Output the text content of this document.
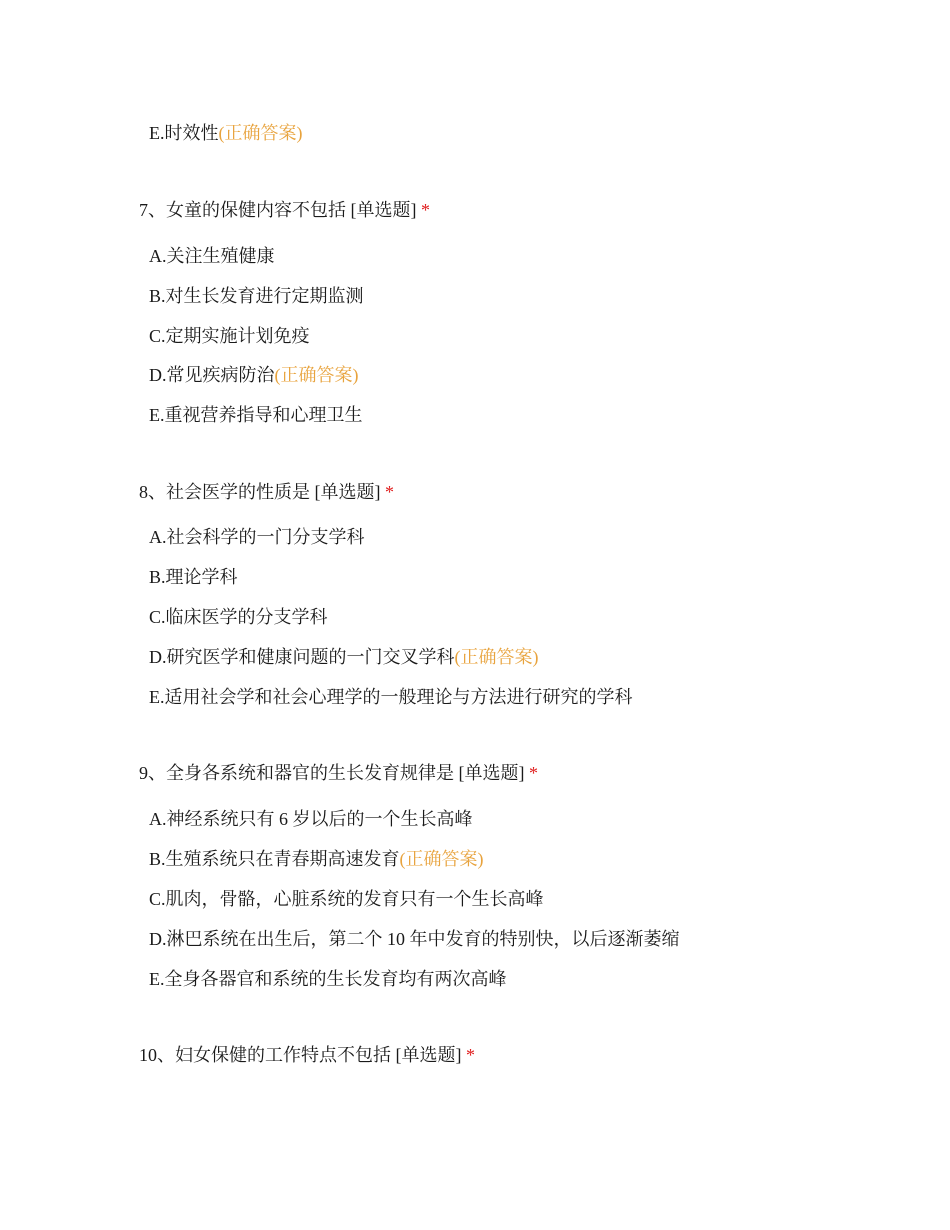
E.时效性(正确答案)
7、女童的保健内容不包括 [单选题] *
A.关注生殖健康
B.对生长发育进行定期监测
C.定期实施计划免疫
D.常见疾病防治(正确答案)
E.重视营养指导和心理卫生
8、社会医学的性质是 [单选题] *
A.社会科学的一门分支学科
B.理论学科
C.临床医学的分支学科
D.研究医学和健康问题的一门交叉学科(正确答案)
E.适用社会学和社会心理学的一般理论与方法进行研究的学科
9、全身各系统和器官的生长发育规律是 [单选题] *
A.神经系统只有 6 岁以后的一个生长高峰
B.生殖系统只在青春期高速发育(正确答案)
C.肌肉，骨骼，心脏系统的发育只有一个生长高峰
D.淋巴系统在出生后，第二个 10 年中发育的特别快，以后逐渐萎缩
E.全身各器官和系统的生长发育均有两次高峰
10、妇女保健的工作特点不包括 [单选题] *
